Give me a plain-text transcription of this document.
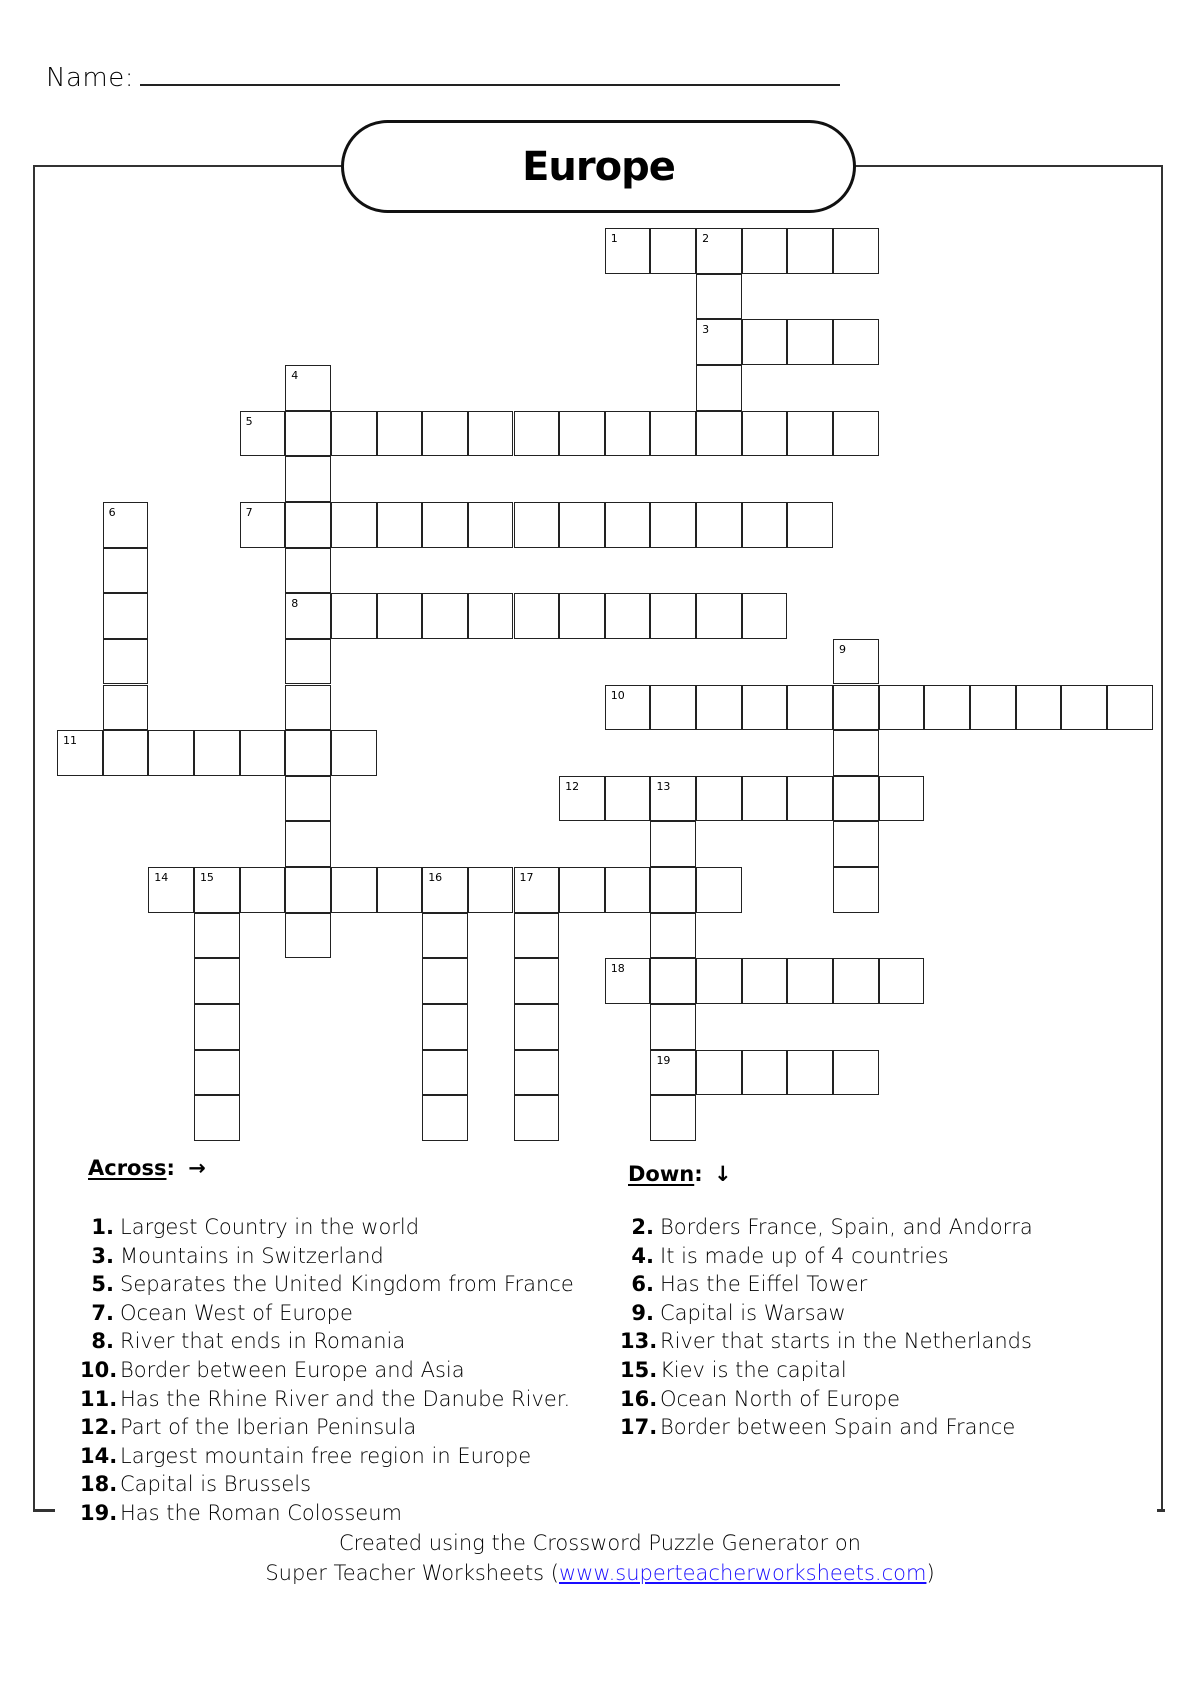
Name:
Europe
1	2
3
4
8
5
6	7
9
10
11
12	13
19
14	15	16	17
18
Across: →
1. Largest Country in the world
3. Mountains in Switzerland
5. Separates the United Kingdom from France
7. Ocean West of Europe
8. River that ends in Romania
10. Border between Europe and Asia
11. Has the Rhine River and the Danube River.
12. Part of the Iberian Peninsula
14. Largest mountain free region in Europe
18. Capital is Brussels
19. Has the Roman Colosseum
Down: ↓
2. Borders France, Spain, and Andorra
4. It is made up of 4 countries
6. Has the Eiffel Tower
9. Capital is Warsaw
13. River that starts in the Netherlands
15. Kiev is the capital
16. Ocean North of Europe
17. Border between Spain and France
Created using the Crossword Puzzle Generator on
Super Teacher Worksheets (www.superteacherworksheets.com)
